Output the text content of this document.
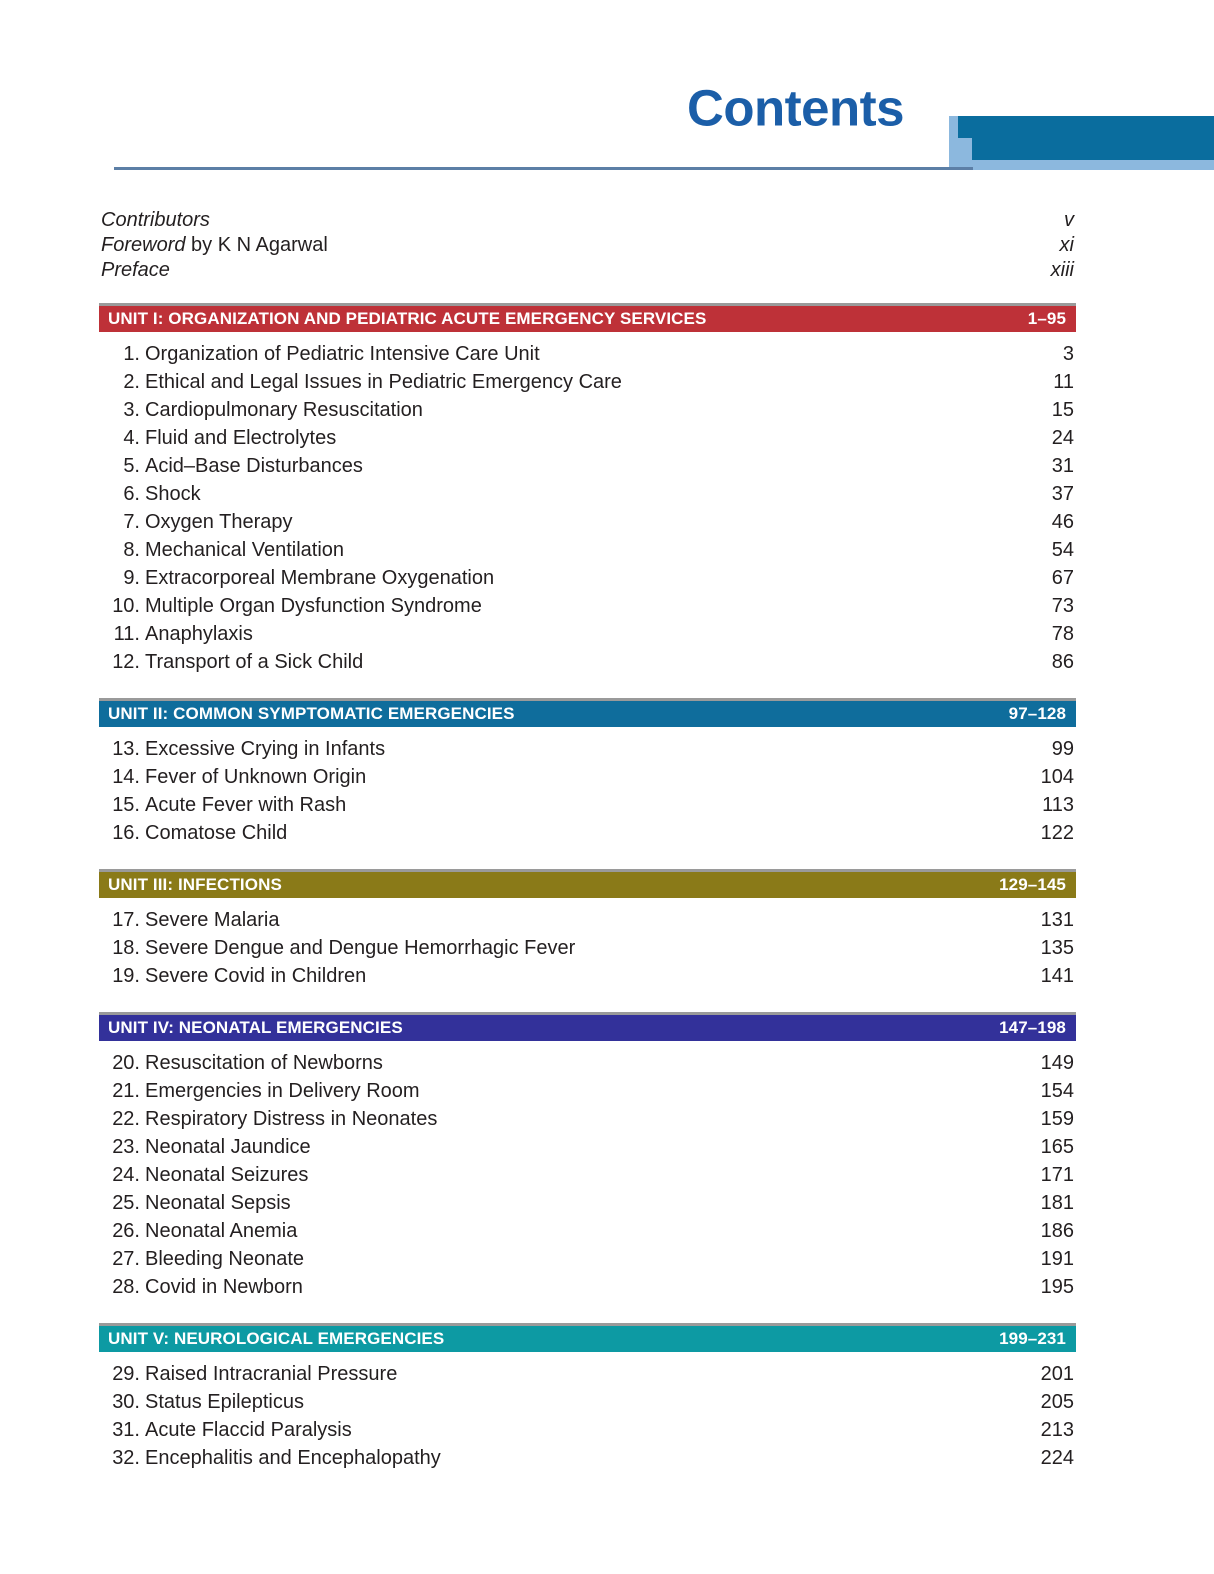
Contents
Contributors	v
Foreword by K N Agarwal	xi
Preface	xiii
UNIT I: ORGANIZATION AND PEDIATRIC ACUTE EMERGENCY SERVICES	1–95
1. Organization of Pediatric Intensive Care Unit	3
2. Ethical and Legal Issues in Pediatric Emergency Care	11
3. Cardiopulmonary Resuscitation	15
4. Fluid and Electrolytes	24
5. Acid–Base Disturbances	31
6. Shock	37
7. Oxygen Therapy	46
8. Mechanical Ventilation	54
9. Extracorporeal Membrane Oxygenation	67
10. Multiple Organ Dysfunction Syndrome	73
11. Anaphylaxis	78
12. Transport of a Sick Child	86
UNIT II: COMMON SYMPTOMATIC EMERGENCIES	97–128
13. Excessive Crying in Infants	99
14. Fever of Unknown Origin	104
15. Acute Fever with Rash	113
16. Comatose Child	122
UNIT III: INFECTIONS	129–145
17. Severe Malaria	131
18. Severe Dengue and Dengue Hemorrhagic Fever	135
19. Severe Covid in Children	141
UNIT IV: NEONATAL EMERGENCIES	147–198
20. Resuscitation of Newborns	149
21. Emergencies in Delivery Room	154
22. Respiratory Distress in Neonates	159
23. Neonatal Jaundice	165
24. Neonatal Seizures	171
25. Neonatal Sepsis	181
26. Neonatal Anemia	186
27. Bleeding Neonate	191
28. Covid in Newborn	195
UNIT V: NEUROLOGICAL EMERGENCIES	199–231
29. Raised Intracranial Pressure	201
30. Status Epilepticus	205
31. Acute Flaccid Paralysis	213
32. Encephalitis and Encephalopathy	224
